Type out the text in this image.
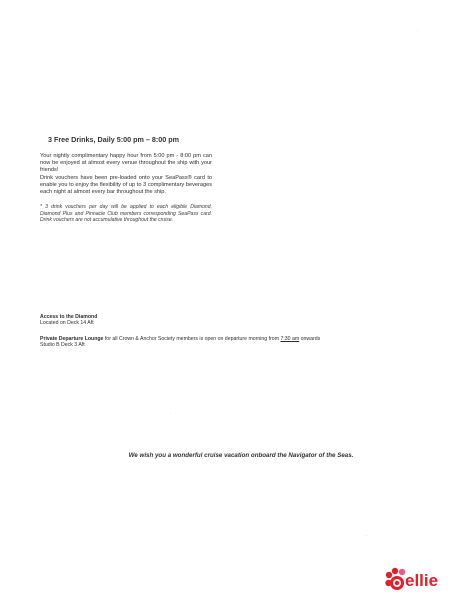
3 Free Drinks, Daily 5:00 pm – 8:00 pm
Your nightly complimentary happy hour from 5:00 pm - 8:00 pm can now be enjoyed at almost every venue throughout the ship with your friends!
Drink vouchers have been pre-loaded onto your SeaPass® card to enable you to enjoy the flexibility of up to 3 complimentary beverages each night at almost every bar throughout the ship.
* 3 drink vouchers per day will be applied to each eligible Diamond, Diamond Plus and Pinnacle Club members corresponding SeaPass card. Drink vouchers are not accumulative throughout the cruise.
Access to the Diamond
Located on Deck 14 Aft
Private Departure Lounge for all Crown & Anchor Society members is open on departure morning from 7:30 am onwards
Studio B Deck 3 Aft
We wish you a wonderful cruise vacation onboard the Navigator of the Seas.
ellie
